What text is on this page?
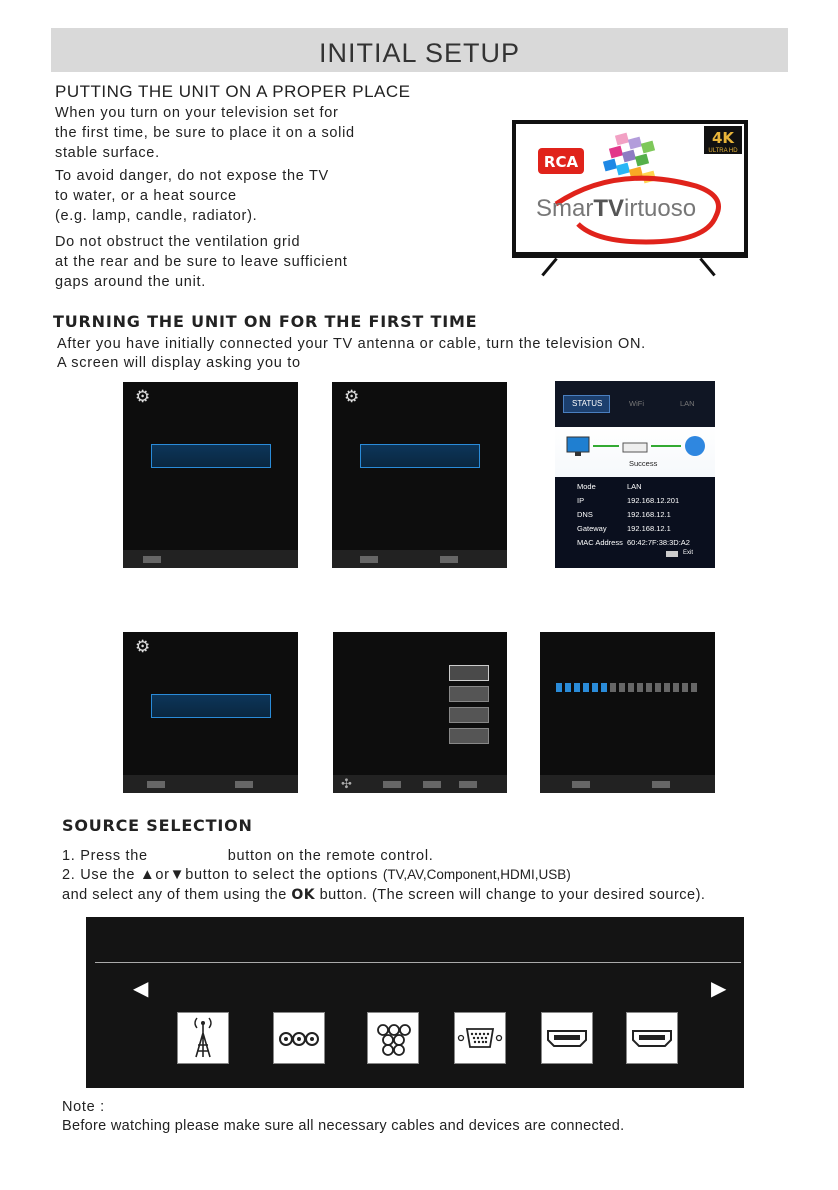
INITIAL SETUP
PUTTING THE UNIT ON A PROPER PLACE
When you turn on your television set for
the first time, be sure to place it on a solid
stable surface.
To avoid danger, do not expose the TV
to water, or a heat source
(e.g. lamp, candle, radiator).
Do not obstruct the ventilation grid
at the rear and be sure to leave sufficient
gaps around the unit.
RCA
4K
ULTRA HD
SmarTVirtuoso
TURNING THE UNIT ON FOR THE FIRST TIME
After you have initially connected your TV antenna or cable, turn the television ON.
A screen will display asking you to
⚙	⚙	STATUS	WiFi	LAN
Success
Mode	LAN
IP	192.168.12.201
DNS	192.168.12.1
Gateway	192.168.12.1
MAC Address 60:42:7F:38:3D:A2
Exit
⚙
✣
SOURCE SELECTION
1. Press the	button on the remote control.
2. Use the ▲or▼button to select the options (TV,AV,Component,HDMI,USB)
and select any of them using the OK button. (The screen will change to your desired source).
◀	▶
Note :
Before watching please make sure all necessary cables and devices are connected.
